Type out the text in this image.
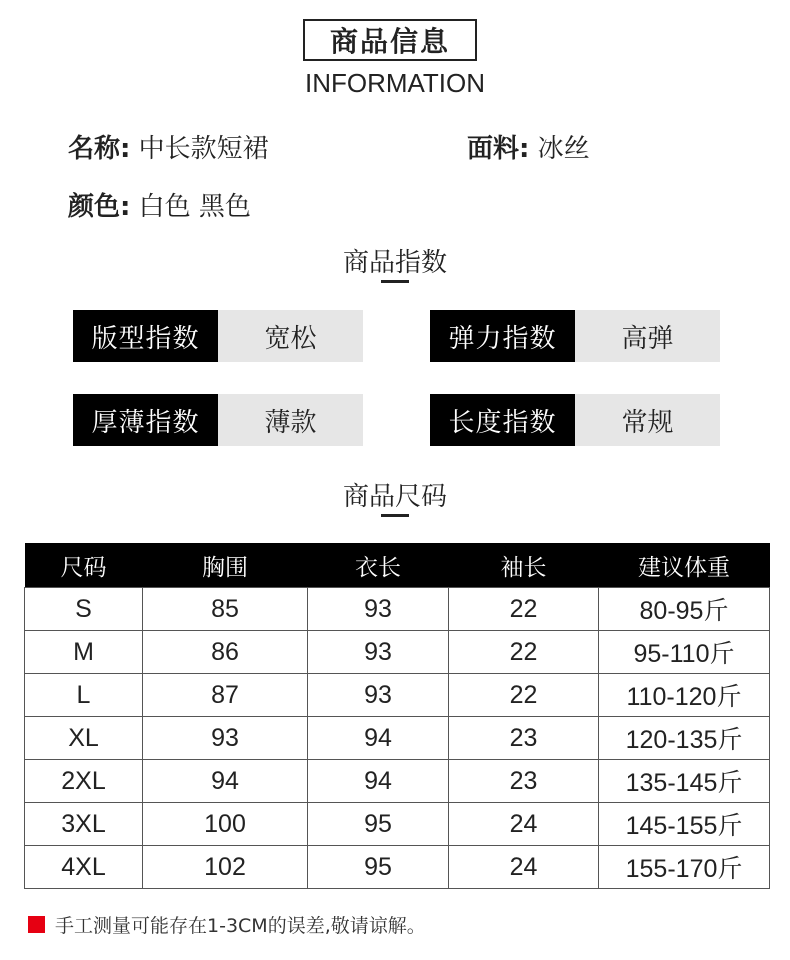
商品信息
INFORMATION
名称: 中长款短裙	面料: 冰丝
颜色: 白色 黑色
商品指数
版型指数	宽松	弹力指数	高弹
厚薄指数	薄款	长度指数	常规
商品尺码
尺码	胸围	衣长	袖长	建议体重
S	85	93	22	80-95斤
M	86	93	22	95-110斤
L	87	93	22	110-120斤
XL	93	94	23	120-135斤
2XL	94	94	23	135-145斤
3XL	100	95	24	145-155斤
4XL	102	95	24	155-170斤
手工测量可能存在1-3CM的误差,敬请谅解。
